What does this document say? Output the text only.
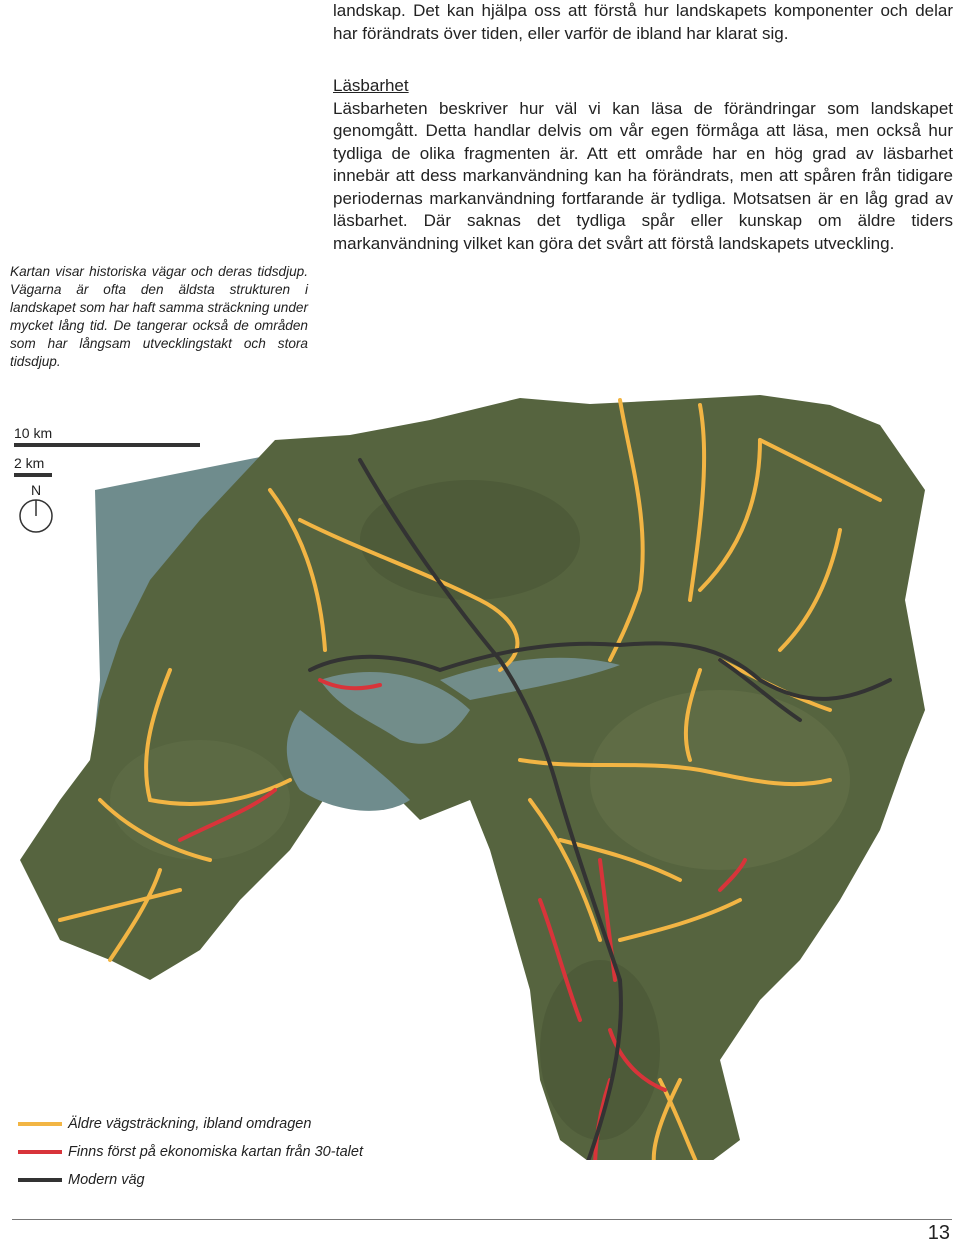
landskap. Det kan hjälpa oss att förstå hur landskapets komponenter och delar har förändrats över tiden, eller varför de ibland har klarat sig.

Läsbarhet
Läsbarheten beskriver hur väl vi kan läsa de förändringar som landskapet genomgått. Detta handlar delvis om vår egen förmåga att läsa, men också hur tydliga de olika fragmenten är. Att ett område har en hög grad av läsbarhet innebär att dess markanvändning kan ha förändrats, men att spåren från tidigare periodernas markanvändning fortfarande är tydliga. Motsatsen är en låg grad av läsbarhet. Där saknas det tydliga spår eller kunskap om äldre tiders markanvändning vilket kan göra det svårt att förstå landskapets utveckling.

Kartan visar historiska vägar och deras tidsdjup. Vägarna är ofta den äldsta strukturen i landskapet som har haft samma sträckning under mycket lång tid. De tangerar också de områden som har långsam utvecklingstakt och stora tidsdjup.
10 km
2 km
N
Äldre vägsträckning, ibland omdragen
Finns först på ekonomiska kartan från 30-talet
Modern väg
13
